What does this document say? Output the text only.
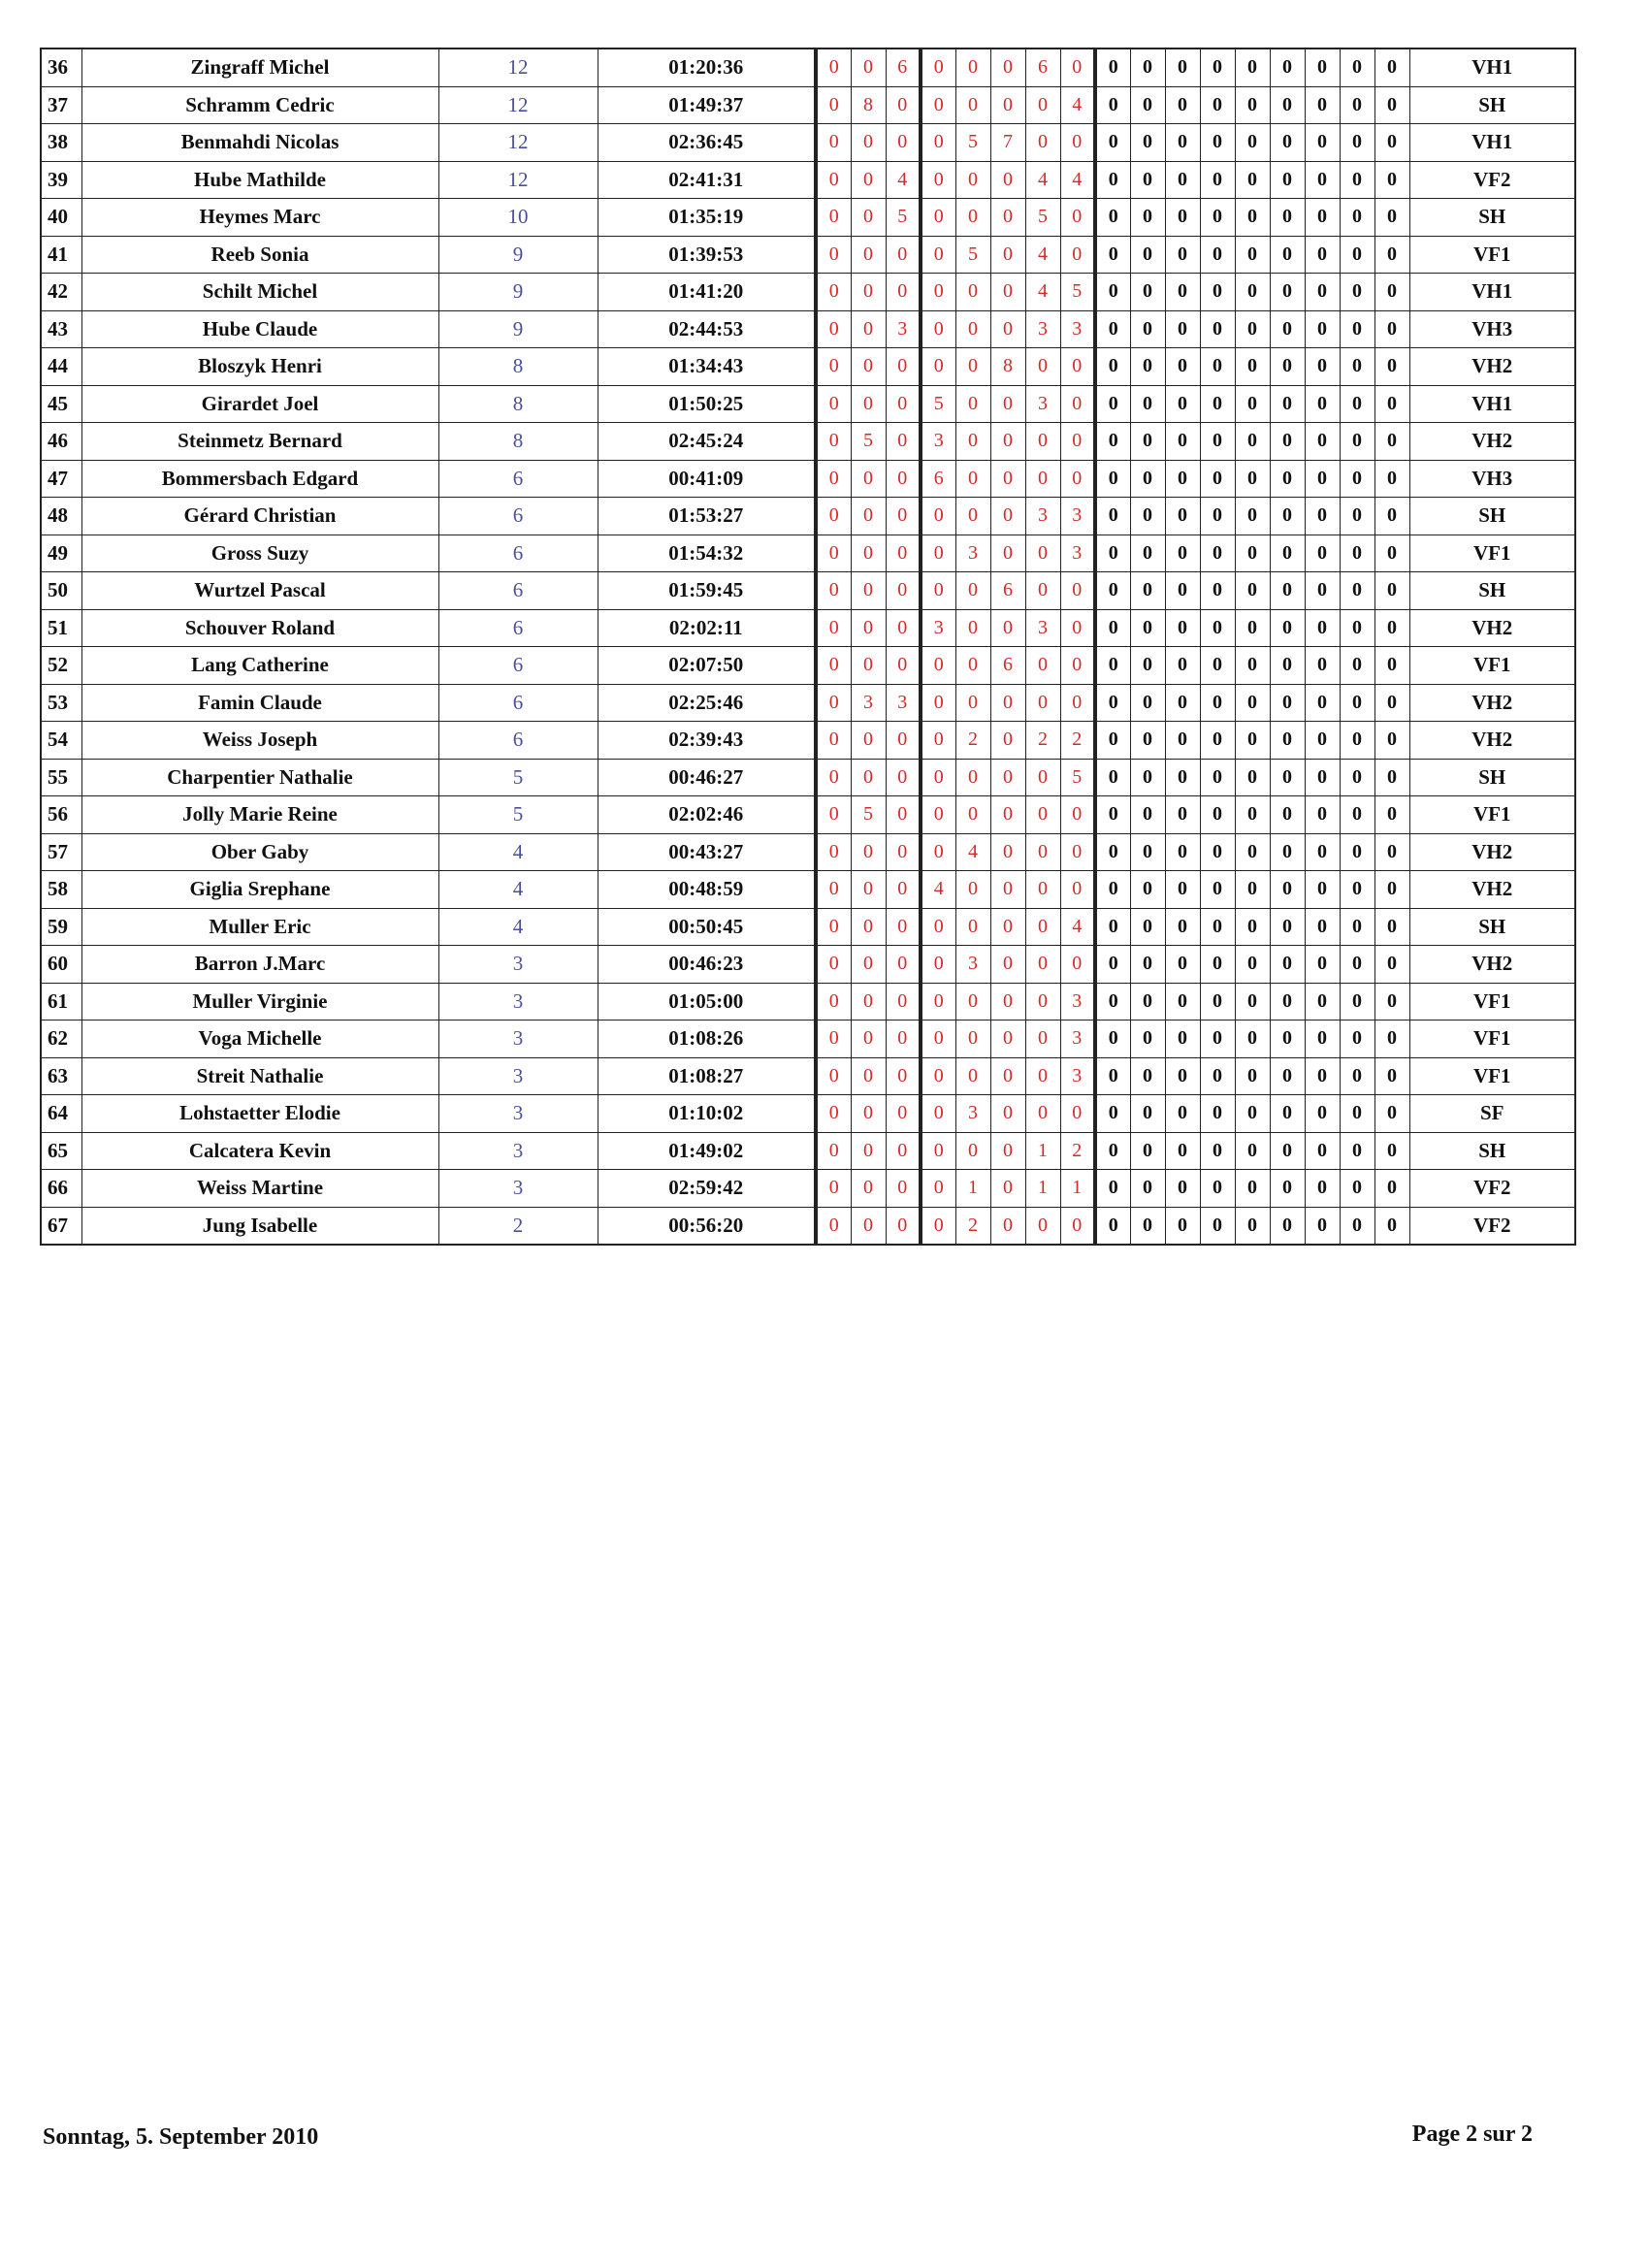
36	Zingraff Michel	12	01:20:36	0	0	6	0	0	0	6	0	0	0	0	0	0	0	0	0	0	VH1
37	Schramm Cedric	12	01:49:37	0	8	0	0	0	0	0	4	0	0	0	0	0	0	0	0	0	SH
38	Benmahdi Nicolas	12	02:36:45	0	0	0	0	5	7	0	0	0	0	0	0	0	0	0	0	0	VH1
39	Hube Mathilde	12	02:41:31	0	0	4	0	0	0	4	4	0	0	0	0	0	0	0	0	0	VF2
40	Heymes Marc	10	01:35:19	0	0	5	0	0	0	5	0	0	0	0	0	0	0	0	0	0	SH
41	Reeb Sonia	9	01:39:53	0	0	0	0	5	0	4	0	0	0	0	0	0	0	0	0	0	VF1
42	Schilt Michel	9	01:41:20	0	0	0	0	0	0	4	5	0	0	0	0	0	0	0	0	0	VH1
43	Hube Claude	9	02:44:53	0	0	3	0	0	0	3	3	0	0	0	0	0	0	0	0	0	VH3
44	Bloszyk Henri	8	01:34:43	0	0	0	0	0	8	0	0	0	0	0	0	0	0	0	0	0	VH2
45	Girardet Joel	8	01:50:25	0	0	0	5	0	0	3	0	0	0	0	0	0	0	0	0	0	VH1
46	Steinmetz Bernard	8	02:45:24	0	5	0	3	0	0	0	0	0	0	0	0	0	0	0	0	0	VH2
47	Bommersbach Edgard	6	00:41:09	0	0	0	6	0	0	0	0	0	0	0	0	0	0	0	0	0	VH3
48	Gérard Christian	6	01:53:27	0	0	0	0	0	0	3	3	0	0	0	0	0	0	0	0	0	SH
49	Gross Suzy	6	01:54:32	0	0	0	0	3	0	0	3	0	0	0	0	0	0	0	0	0	VF1
50	Wurtzel Pascal	6	01:59:45	0	0	0	0	0	6	0	0	0	0	0	0	0	0	0	0	0	SH
51	Schouver Roland	6	02:02:11	0	0	0	3	0	0	3	0	0	0	0	0	0	0	0	0	0	VH2
52	Lang Catherine	6	02:07:50	0	0	0	0	0	6	0	0	0	0	0	0	0	0	0	0	0	VF1
53	Famin Claude	6	02:25:46	0	3	3	0	0	0	0	0	0	0	0	0	0	0	0	0	0	VH2
54	Weiss Joseph	6	02:39:43	0	0	0	0	2	0	2	2	0	0	0	0	0	0	0	0	0	VH2
55	Charpentier Nathalie	5	00:46:27	0	0	0	0	0	0	0	5	0	0	0	0	0	0	0	0	0	SH
56	Jolly Marie Reine	5	02:02:46	0	5	0	0	0	0	0	0	0	0	0	0	0	0	0	0	0	VF1
57	Ober Gaby	4	00:43:27	0	0	0	0	4	0	0	0	0	0	0	0	0	0	0	0	0	VH2
58	Giglia Srephane	4	00:48:59	0	0	0	4	0	0	0	0	0	0	0	0	0	0	0	0	0	VH2
59	Muller Eric	4	00:50:45	0	0	0	0	0	0	0	4	0	0	0	0	0	0	0	0	0	SH
60	Barron J.Marc	3	00:46:23	0	0	0	0	3	0	0	0	0	0	0	0	0	0	0	0	0	VH2
61	Muller Virginie	3	01:05:00	0	0	0	0	0	0	0	3	0	0	0	0	0	0	0	0	0	VF1
62	Voga Michelle	3	01:08:26	0	0	0	0	0	0	0	3	0	0	0	0	0	0	0	0	0	VF1
63	Streit Nathalie	3	01:08:27	0	0	0	0	0	0	0	3	0	0	0	0	0	0	0	0	0	VF1
64	Lohstaetter Elodie	3	01:10:02	0	0	0	0	3	0	0	0	0	0	0	0	0	0	0	0	0	SF
65	Calcatera Kevin	3	01:49:02	0	0	0	0	0	0	1	2	0	0	0	0	0	0	0	0	0	SH
66	Weiss Martine	3	02:59:42	0	0	0	0	1	0	1	1	0	0	0	0	0	0	0	0	0	VF2
67	Jung Isabelle	2	00:56:20	0	0	0	0	2	0	0	0	0	0	0	0	0	0	0	0	0	VF2
Sonntag, 5. September 2010	Page 2 sur 2
